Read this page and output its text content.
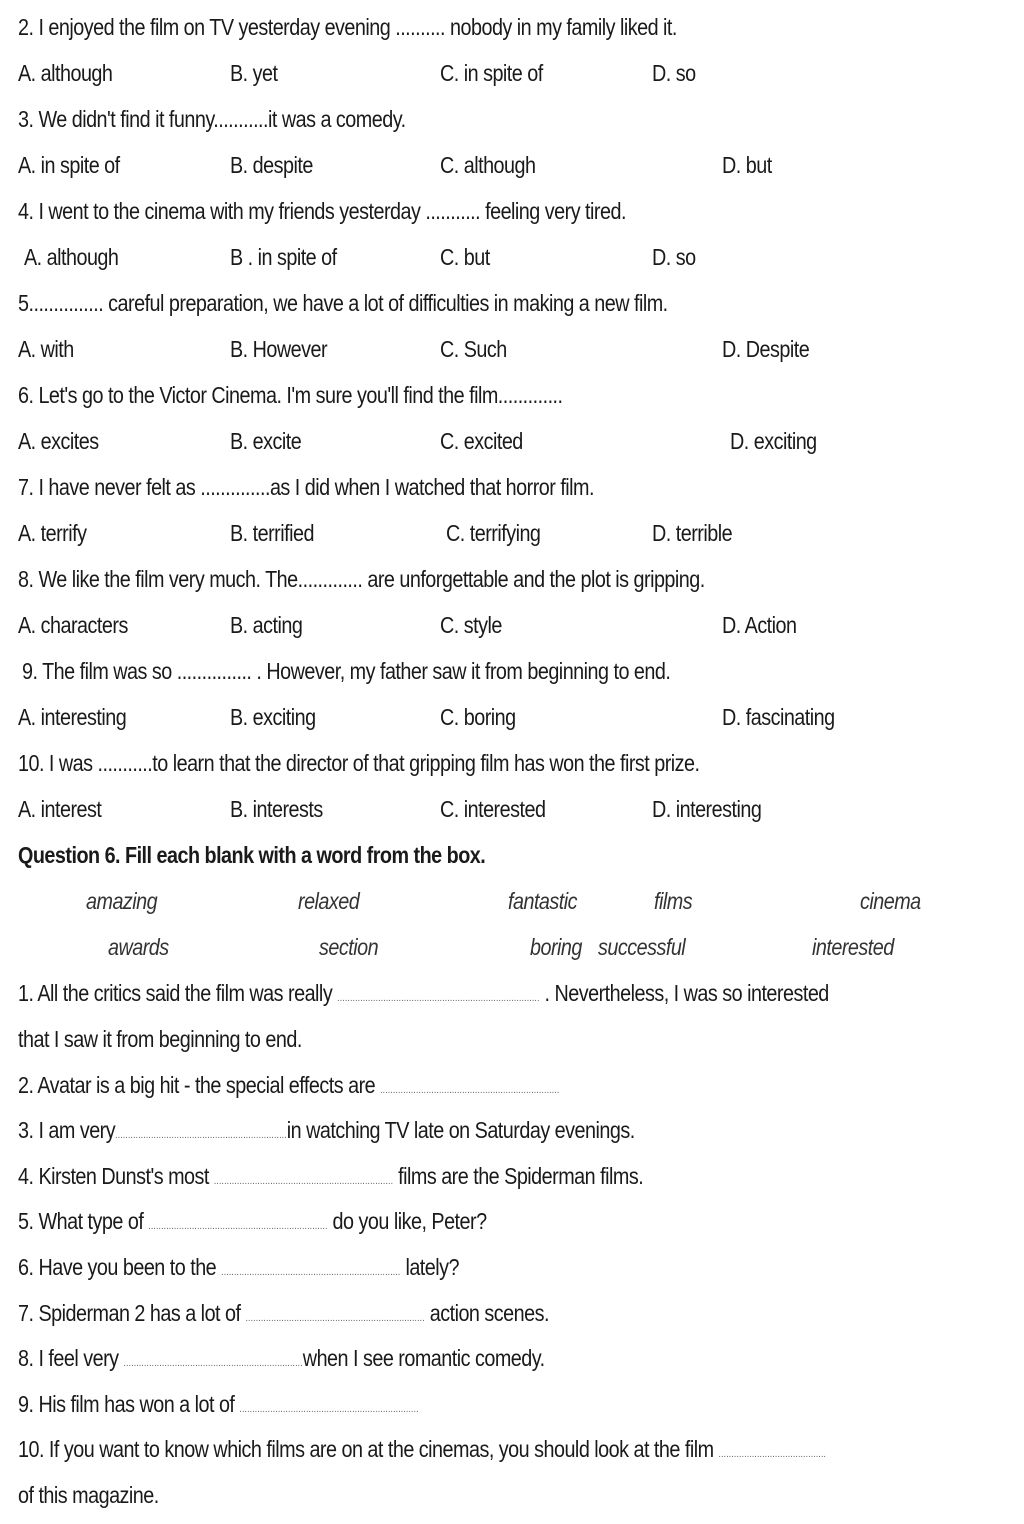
2. I enjoyed the film on TV yesterday evening .......... nobody in my family liked it.
A. although	B. yet	C. in spite of	D. so
3. We didn't find it funny...........it was a comedy.
A. in spite of	B. despite	C. although	D. but
4. I went to the cinema with my friends yesterday ........... feeling very tired.
A. although	B . in spite of	C. but	D. so
5............... careful preparation, we have a lot of difficulties in making a new film.
A. with	B. However	C. Such	D. Despite
6. Let's go to the Victor Cinema. I'm sure you'll find the film.............
A. excites	B. excite	C. excited	D. exciting
7. I have never felt as ..............as I did when I watched that horror film.
A. terrify	B. terrified	C. terrifying	D. terrible
8. We like the film very much. The............. are unforgettable and the plot is gripping.
A. characters	B. acting	C. style	D. Action
9. The film was so ............... . However, my father saw it from beginning to end.
A. interesting	B. exciting	C. boring	D. fascinating
10. I was ...........to learn that the director of that gripping film has won the first prize.
A. interest	B. interests	C. interested	D. interesting
Question 6. Fill each blank with a word from the box.
amazing	relaxed	fantastic	films	cinema
awards	section	boring successful	interested
1. All the critics said the film was really ............................................................................... . Nevertheless, I was so interested
that I saw it from beginning to end.
2. Avatar is a big hit - the special effects are ......................................................................
3. I am very...................................................................in watching TV late on Saturday evenings.
4. Kirsten Dunst's most ...................................................................... films are the Spiderman films.
5. What type of ...................................................................... do you like, Peter?
6. Have you been to the ...................................................................... lately?
7. Spiderman 2 has a lot of ...................................................................... action scenes.
8. I feel very ......................................................................when I see romantic comedy.
9. His film has won a lot of ......................................................................
10. If you want to know which films are on at the cinemas, you should look at the film ..........................................
of this magazine.
